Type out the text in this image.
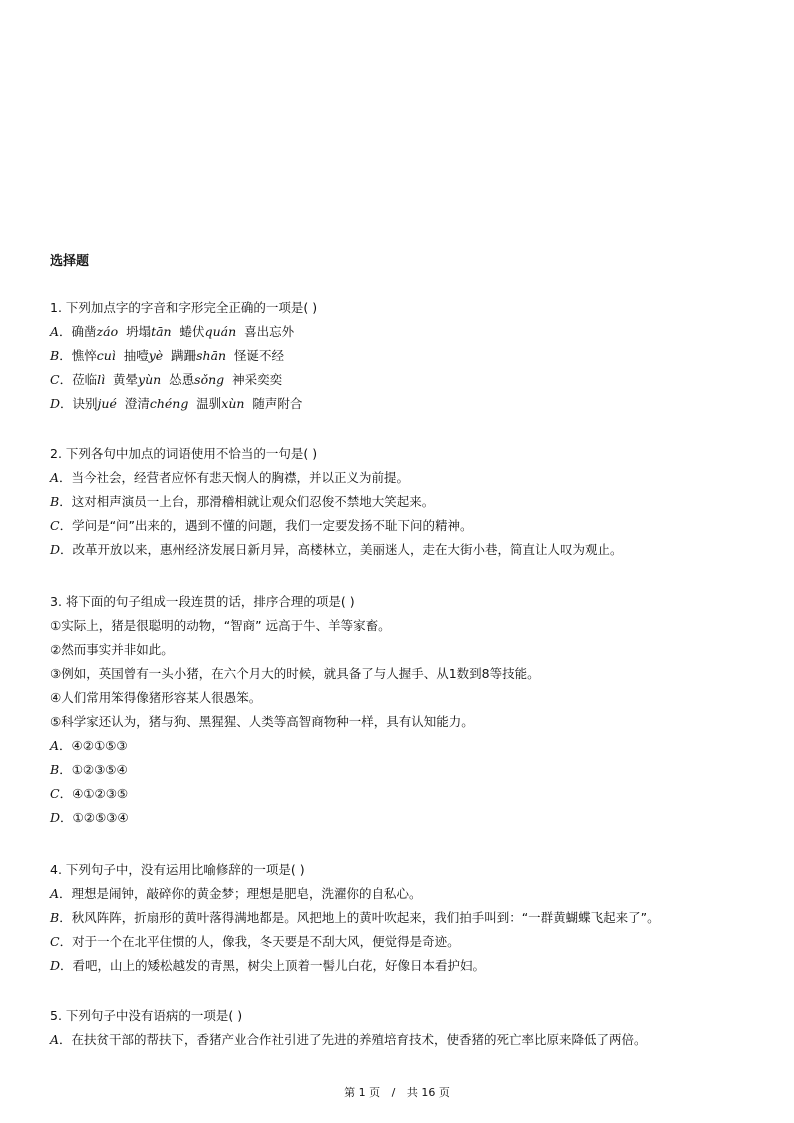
选择题
1. 下列加点字的字音和字形完全正确的一项是( )
A．确凿záo  坍塌tān  蜷伏quán  喜出忘外
B．憔悴cuì  抽噎yè  蹒跚shān  怪诞不经
C．莅临lì  黄晕yùn  怂恿sǒng  神采奕奕
D．诀别jué  澄清chéng  温驯xùn  随声附合
2. 下列各句中加点的词语使用不恰当的一句是( )
A．当今社会，经营者应怀有悲天悯人的胸襟，并以正义为前提。
B．这对相声演员一上台，那滑稽相就让观众们忍俊不禁地大笑起来。
C．学问是“问”出来的，遇到不懂的问题，我们一定要发扬不耻下问的精神。
D．改革开放以来，惠州经济发展日新月异，高楼林立，美丽迷人，走在大街小巷，简直让人叹为观止。
3. 将下面的句子组成一段连贯的话，排序合理的项是( )
①实际上，猪是很聪明的动物，“智商” 远高于牛、羊等家畜。
②然而事实并非如此。
③例如，英国曾有一头小猪，在六个月大的时候，就具备了与人握手、从1数到8等技能。
④人们常用笨得像猪形容某人很愚笨。
⑤科学家还认为，猪与狗、黑猩猩、人类等高智商物种一样，具有认知能力。
A．④②①⑤③
B．①②③⑤④
C．④①②③⑤
D．①②⑤③④
4. 下列句子中，没有运用比喻修辞的一项是( )
A．理想是闹钟，敲碎你的黄金梦；理想是肥皂，洗濯你的自私心。
B．秋风阵阵，折扇形的黄叶落得满地都是。风把地上的黄叶吹起来，我们拍手叫到：“一群黄蝴蝶飞起来了”。
C．对于一个在北平住惯的人，像我，冬天要是不刮大风，便觉得是奇迹。
D．看吧，山上的矮松越发的青黑，树尖上顶着一髻儿白花，好像日本看护妇。
5. 下列句子中没有语病的一项是( )
A．在扶贫干部的帮扶下，香猪产业合作社引进了先进的养殖培育技术，使香猪的死亡率比原来降低了两倍。
第 1 页 / 共 16 页
